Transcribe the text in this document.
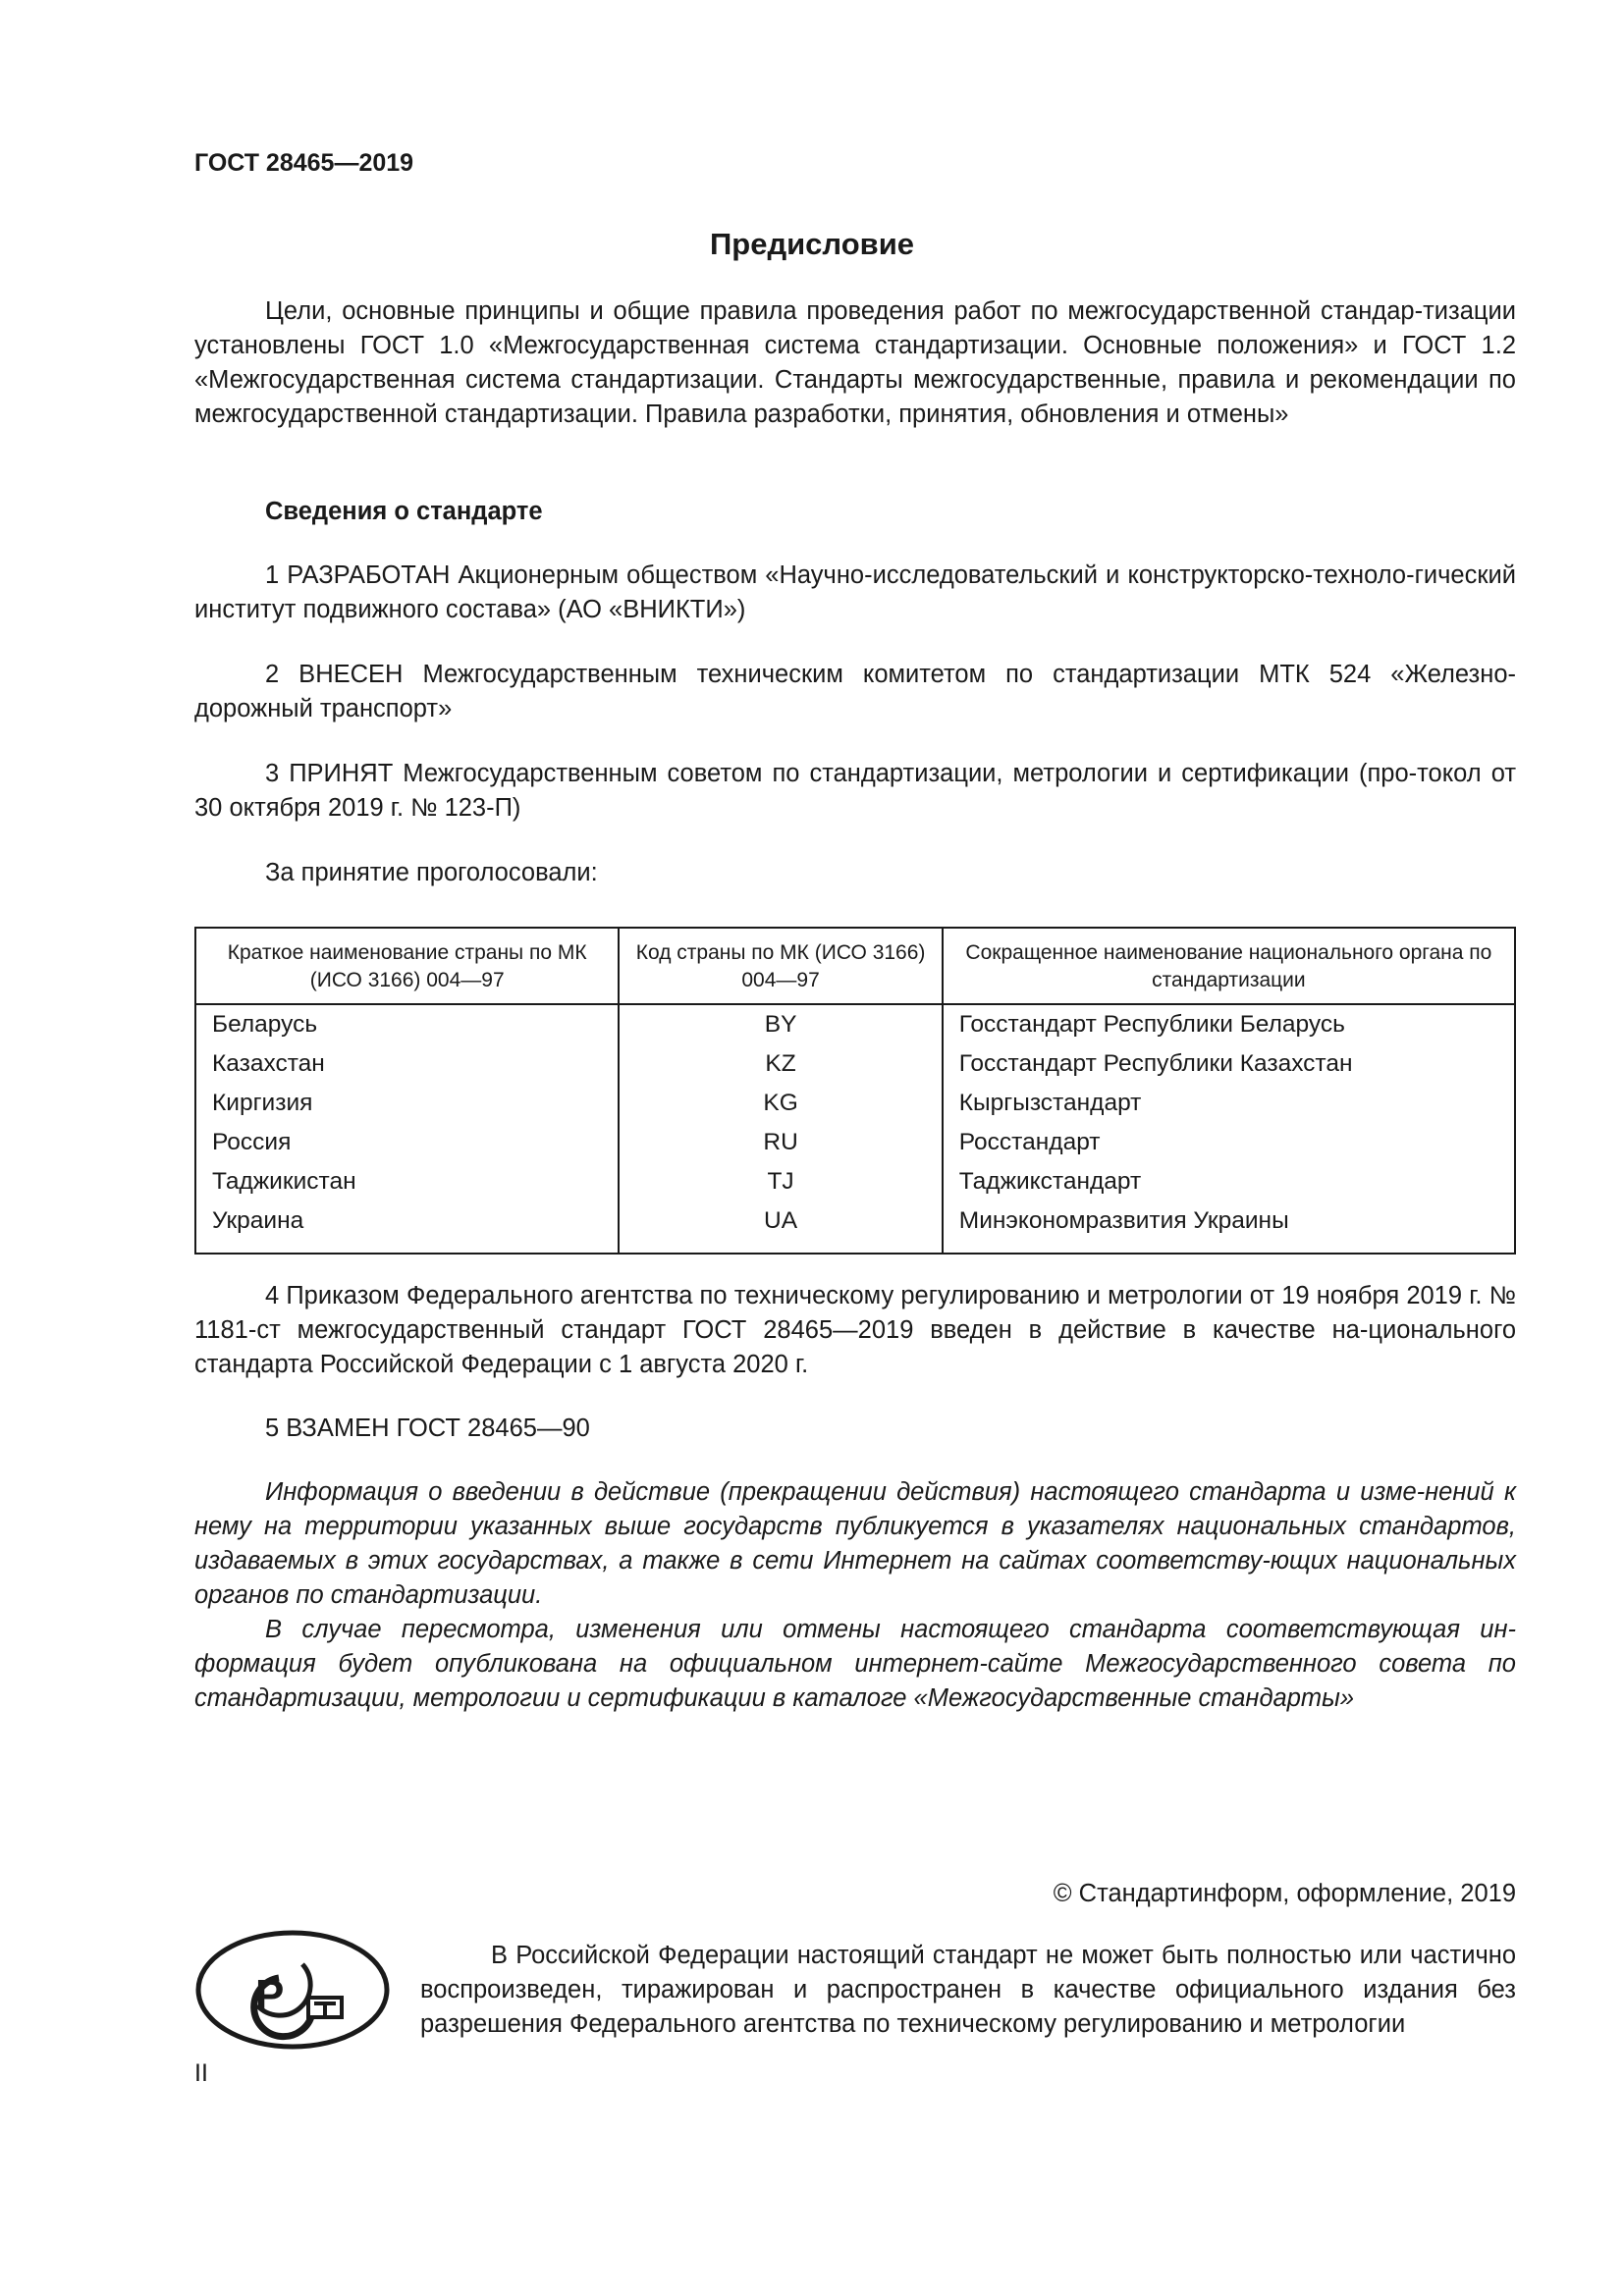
ГОСТ 28465—2019
Предисловие

Цели, основные принципы и общие правила проведения работ по межгосударственной стандар-тизации установлены ГОСТ 1.0 «Межгосударственная система стандартизации. Основные положения» и ГОСТ 1.2 «Межгосударственная система стандартизации. Стандарты межгосударственные, правила и рекомендации по межгосударственной стандартизации. Правила разработки, принятия, обновления и отмены»

Сведения о стандарте

1 РАЗРАБОТАН Акционерным обществом «Научно-исследовательский и конструкторско-техноло-гический институт подвижного состава» (АО «ВНИКТИ»)

2 ВНЕСЕН Межгосударственным техническим комитетом по стандартизации МТК 524 «Железно-дорожный транспорт»

3 ПРИНЯТ Межгосударственным советом по стандартизации, метрологии и сертификации (про-токол от 30 октября 2019 г. № 123-П)

За принятие проголосовали:

Краткое наименование страны по МК (ИСО 3166) 004—97	Код страны по МК (ИСО 3166) 004—97	Сокращенное наименование национального органа по стандартизации
Беларусь	BY	Госстандарт Республики Беларусь
Казахстан	KZ	Госстандарт Республики Казахстан
Киргизия	KG	Кыргызстандарт
Россия	RU	Росстандарт
Таджикистан	TJ	Таджикстандарт
Украина	UA	Минэкономразвития Украины

4 Приказом Федерального агентства по техническому регулированию и метрологии от 19 ноября 2019 г. № 1181-ст межгосударственный стандарт ГОСТ 28465—2019 введен в действие в качестве на-ционального стандарта Российской Федерации с 1 августа 2020 г.

5 ВЗАМЕН ГОСТ 28465—90

Информация о введении в действие (прекращении действия) настоящего стандарта и изме-нений к нему на территории указанных выше государств публикуется в указателях национальных стандартов, издаваемых в этих государствах, а также в сети Интернет на сайтах соответству-ющих национальных органов по стандартизации.

В случае пересмотра, изменения или отмены настоящего стандарта соответствующая ин-формация будет опубликована на официальном интернет-сайте Межгосударственного совета по стандартизации, метрологии и сертификации в каталоге «Межгосударственные стандарты»

© Стандартинформ, оформление, 2019
Р

В Российской Федерации настоящий стандарт не может быть полностью или частично воспроизведен, тиражирован и распространен в качестве официального издания без разрешения Федерального агентства по техническому регулированию и метрологии

II
